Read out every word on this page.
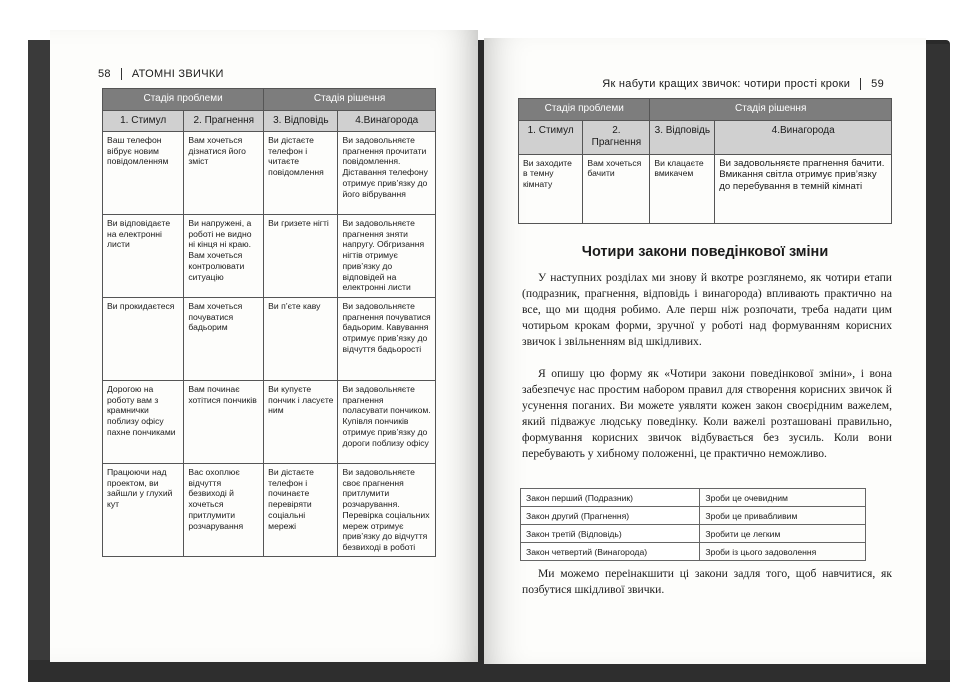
58 АТОМНІ ЗВИЧКИ
Стадія проблеми		Стадія рішення	
1. Стимул	2. Прагнення	3. Відповідь	4.Винагорода
Ваш телефон вібрує новим повідомленням	Вам хочеться дізнатися його зміст	Ви дістаєте телефон і читаєте повідомлення	Ви задовольняєте прагнення прочитати повідомлення. Діставання телефону отримує прив’язку до його вібрування
Ви відповідаєте на електронні листи	Ви напружені, а роботі не видно ні кінця ні краю. Вам хочеться контролювати ситуацію	Ви гризете нігті	Ви задовольняєте прагнення зняти напругу. Обгризання нігтів отримує прив’язку до відповідей на електронні листи
Ви прокидаєтеся	Вам хочеться почуватися бадьорим	Ви п’єте каву	Ви задовольняєте прагнення почуватися бадьорим. Кавування отримує прив’язку до відчуття бадьорості
Дорогою на роботу вам з крамнички поблизу офісу пахне пончиками	Вам починає хотітися пончиків	Ви купуєте пончик і ласуєте ним	Ви задовольняєте прагнення поласувати пончиком. Купівля пончиків отримує прив’язку до дороги поблизу офісу
Працюючи над проектом, ви зайшли у глухий кут	Вас охоплює відчуття безвиході й хочеться притлумити розчарування	Ви дістаєте телефон і починаєте перевіряти соціальні мережі	Ви задовольняєте своє прагнення притлумити розчарування. Перевірка соціальних мереж отримує прив’язку до відчуття безвиході в роботі
Як набути кращих звичок: чотири прості кроки 59
Стадія проблеми		Стадія рішення	
1. Стимул	2. Прагнення	3. Відповідь	4.Винагорода
Ви заходите в темну кімнату	Вам хочеться бачити	Ви клацаєте вмикачем	Ви задовольняєте прагнення бачити. Вмикання світла отримує прив’язку до перебування в темній кімнаті
Чотири закони поведінкової зміни

У наступних розділах ми знову й вкотре розглянемо, як чотири етапи (подразник, прагнення, відповідь і винагорода) впливають практично на все, що ми щодня робимо. Але перш ніж розпочати, треба надати цим чотирьом крокам форми, зручної у роботі над формуванням корисних звичок і звільненням від шкідливих.

Я опишу цю форму як «Чотири закони поведінкової зміни», і вона забезпечує нас простим набором правил для створення корисних звичок й усунення поганих. Ви можете уявляти кожен закон своєрідним важелем, який підважує людську поведінку. Коли важелі розташовані правильно, формування корисних звичок відбувається без зусиль. Коли вони перебувають у хибному положенні, це практично неможливо.

Закон перший (Подразник)	Зроби це очевидним
Закон другий (Прагнення)	Зроби це привабливим
Закон третій (Відповідь)	Зробити це легким
Закон четвертий (Винагорода)	Зроби із цього задоволення

Ми можемо переінакшити ці закони задля того, щоб навчитися, як позбутися шкідливої звички.
